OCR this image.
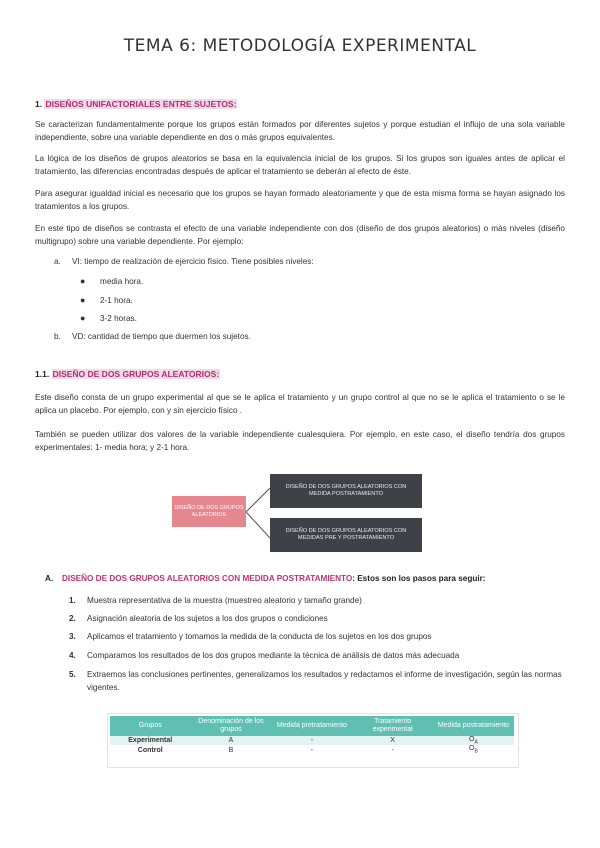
TEMA 6: METODOLOGÍA EXPERIMENTAL
1. DISEÑOS UNIFACTORIALES ENTRE SUJETOS:

Se caracterizan fundamentalmente porque los grupos están formados por diferentes sujetos y porque estudian el influjo de una sola variable independiente, sobre una variable dependiente en dos o más grupos equivalentes.

La lógica de los diseños de grupos aleatorios se basa en la equivalencia inicial de los grupos. Si los grupos son iguales antes de aplicar el tratamiento, las diferencias encontradas después de aplicar el tratamiento se deberán al efecto de éste.

Para asegurar igualdad inicial es necesario que los grupos se hayan formado aleatoriamente y que de esta misma forma se hayan asignado los tratamientos a los grupos.

En este tipo de diseños se contrasta el efecto de una variable independiente con dos (diseño de dos grupos aleatorios) o más niveles (diseño multigrupo) sobre una variable dependiente. Por ejemplo:

a. VI: tiempo de realización de ejercicio físico. Tiene posibles niveles:
● media hora.
● 2-1 hora.
● 3-2 horas.
b. VD: cantidad de tiempo que duermen los sujetos.
1.1. DISEÑO DE DOS GRUPOS ALEATORIOS:

Este diseño consta de un grupo experimental al que se le aplica el tratamiento y un grupo control al que no se le aplica el tratamiento o se le aplica un placebo. Por ejemplo, con y sin ejercicio físico .

También se pueden utilizar dos valores de la variable independiente cualesquiera. Por ejemplo, en este caso, el diseño tendría dos grupos experimentales: 1- media hora; y 2-1 hora.

DISEÑO DE DOS GRUPOS ALEATORIOS
DISEÑO DE DOS GRUPOS ALEATORIOS CON MEDIDA POSTRATAMIENTO
DISEÑO DE DOS GRUPOS ALEATORIOS CON MEDIDAS PRE Y POSTRATAMIENTO
A. DISEÑO DE DOS GRUPOS ALEATORIOS CON MEDIDA POSTRATAMIENTO: Estos son los pasos para seguir:
1. Muestra representativa de la muestra (muestreo aleatorio y tamaño grande)
2. Asignación aleatoria de los sujetos a los dos grupos o condiciones
3. Aplicamos el tratamiento y tomamos la medida de la conducta de los sujetos en los dos grupos
4. Comparamos los resultados de los dos grupos mediante la técnica de análisis de datos más adecuada
5. Extraemos las conclusiones pertinentes, generalizamos los resultados y redactamos el informe de investigación, según las normas vigentes.
Grupos	Denominación de los grupos	Medida pretratamiento	Tratamiento experimental	Medida postratamiento
Experimental	A	-	X	$O_A$
Control	B	-	-	$O_B$
